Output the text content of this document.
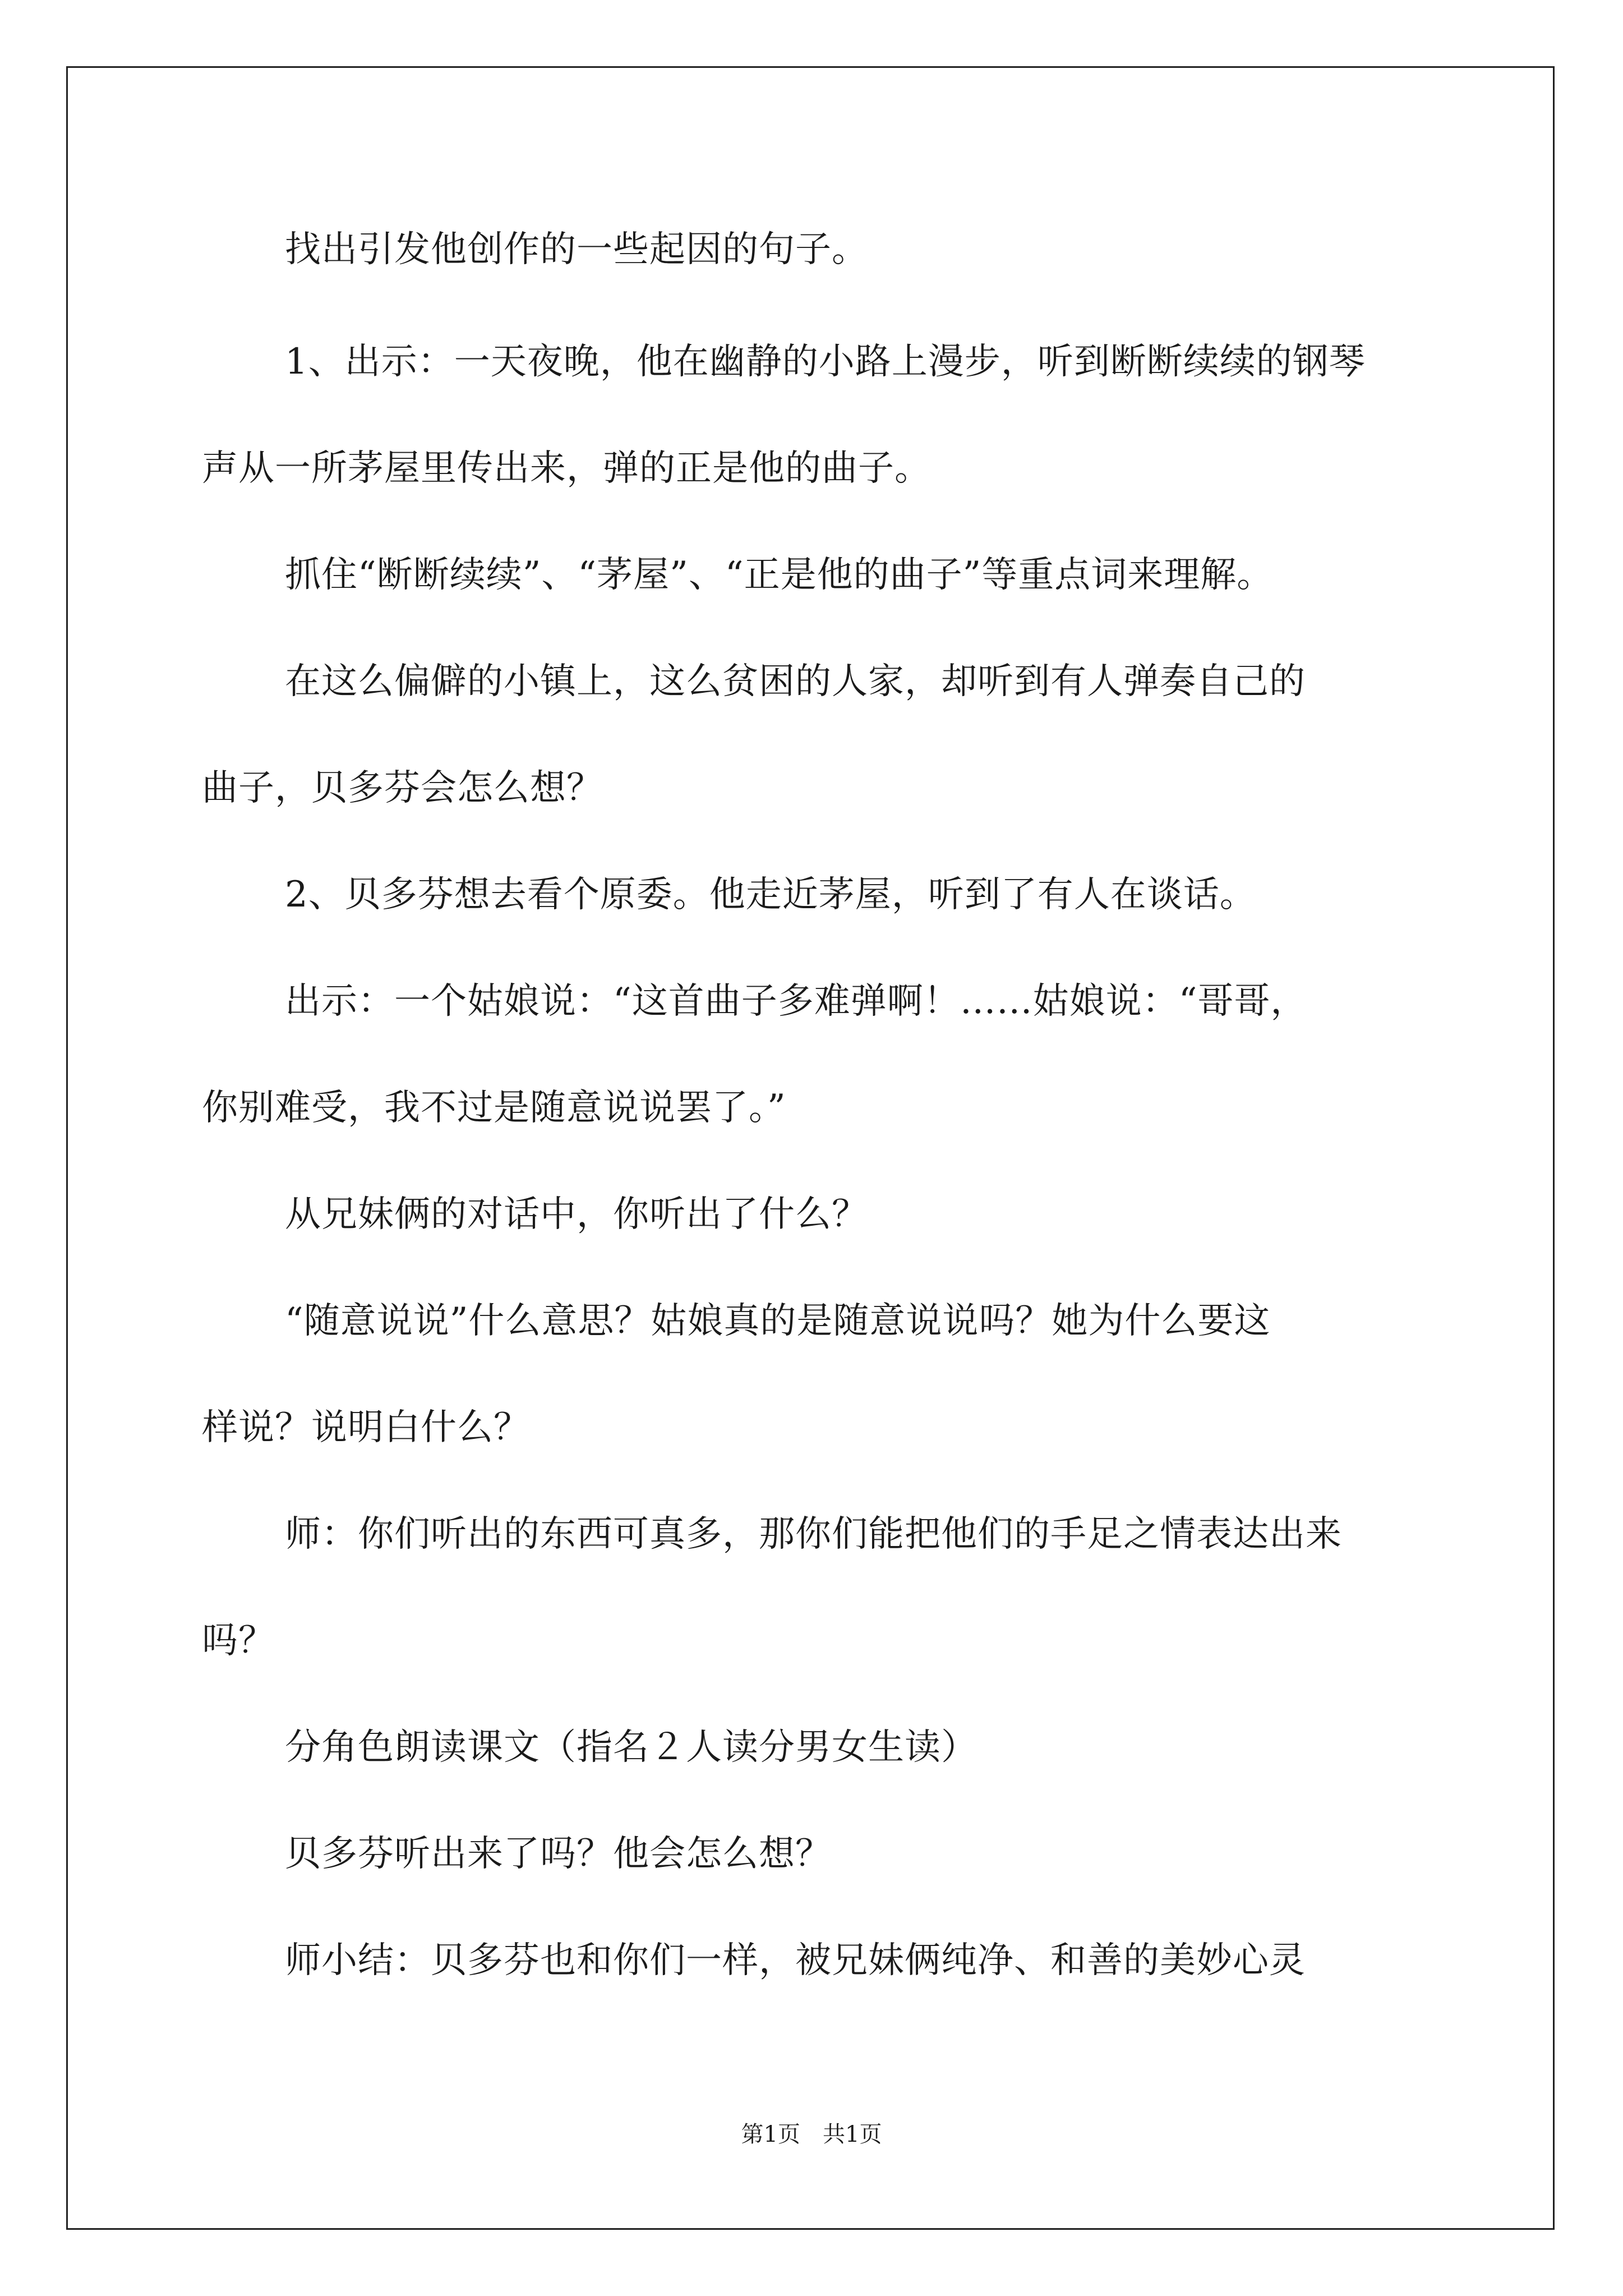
找出引发他创作的一些起因的句子。

1、出示：一天夜晚，他在幽静的小路上漫步，听到断断续续的钢琴

声从一所茅屋里传出来，弹的正是他的曲子。

抓住“断断续续”、“茅屋”、“正是他的曲子”等重点词来理解。

在这么偏僻的小镇上，这么贫困的人家，却听到有人弹奏自己的

曲子，贝多芬会怎么想？

2、贝多芬想去看个原委。他走近茅屋，听到了有人在谈话。

出示：一个姑娘说：“这首曲子多难弹啊！……姑娘说：“哥哥，

你别难受，我不过是随意说说罢了。”

从兄妹俩的对话中，你听出了什么？

“随意说说”什么意思？姑娘真的是随意说说吗？她为什么要这

样说？说明白什么？

师：你们听出的东西可真多，那你们能把他们的手足之情表达出来

吗？

分角色朗读课文（指名２人读分男女生读）

贝多芬听出来了吗？他会怎么想？

师小结：贝多芬也和你们一样，被兄妹俩纯净、和善的美妙心灵

第1页　共1页
